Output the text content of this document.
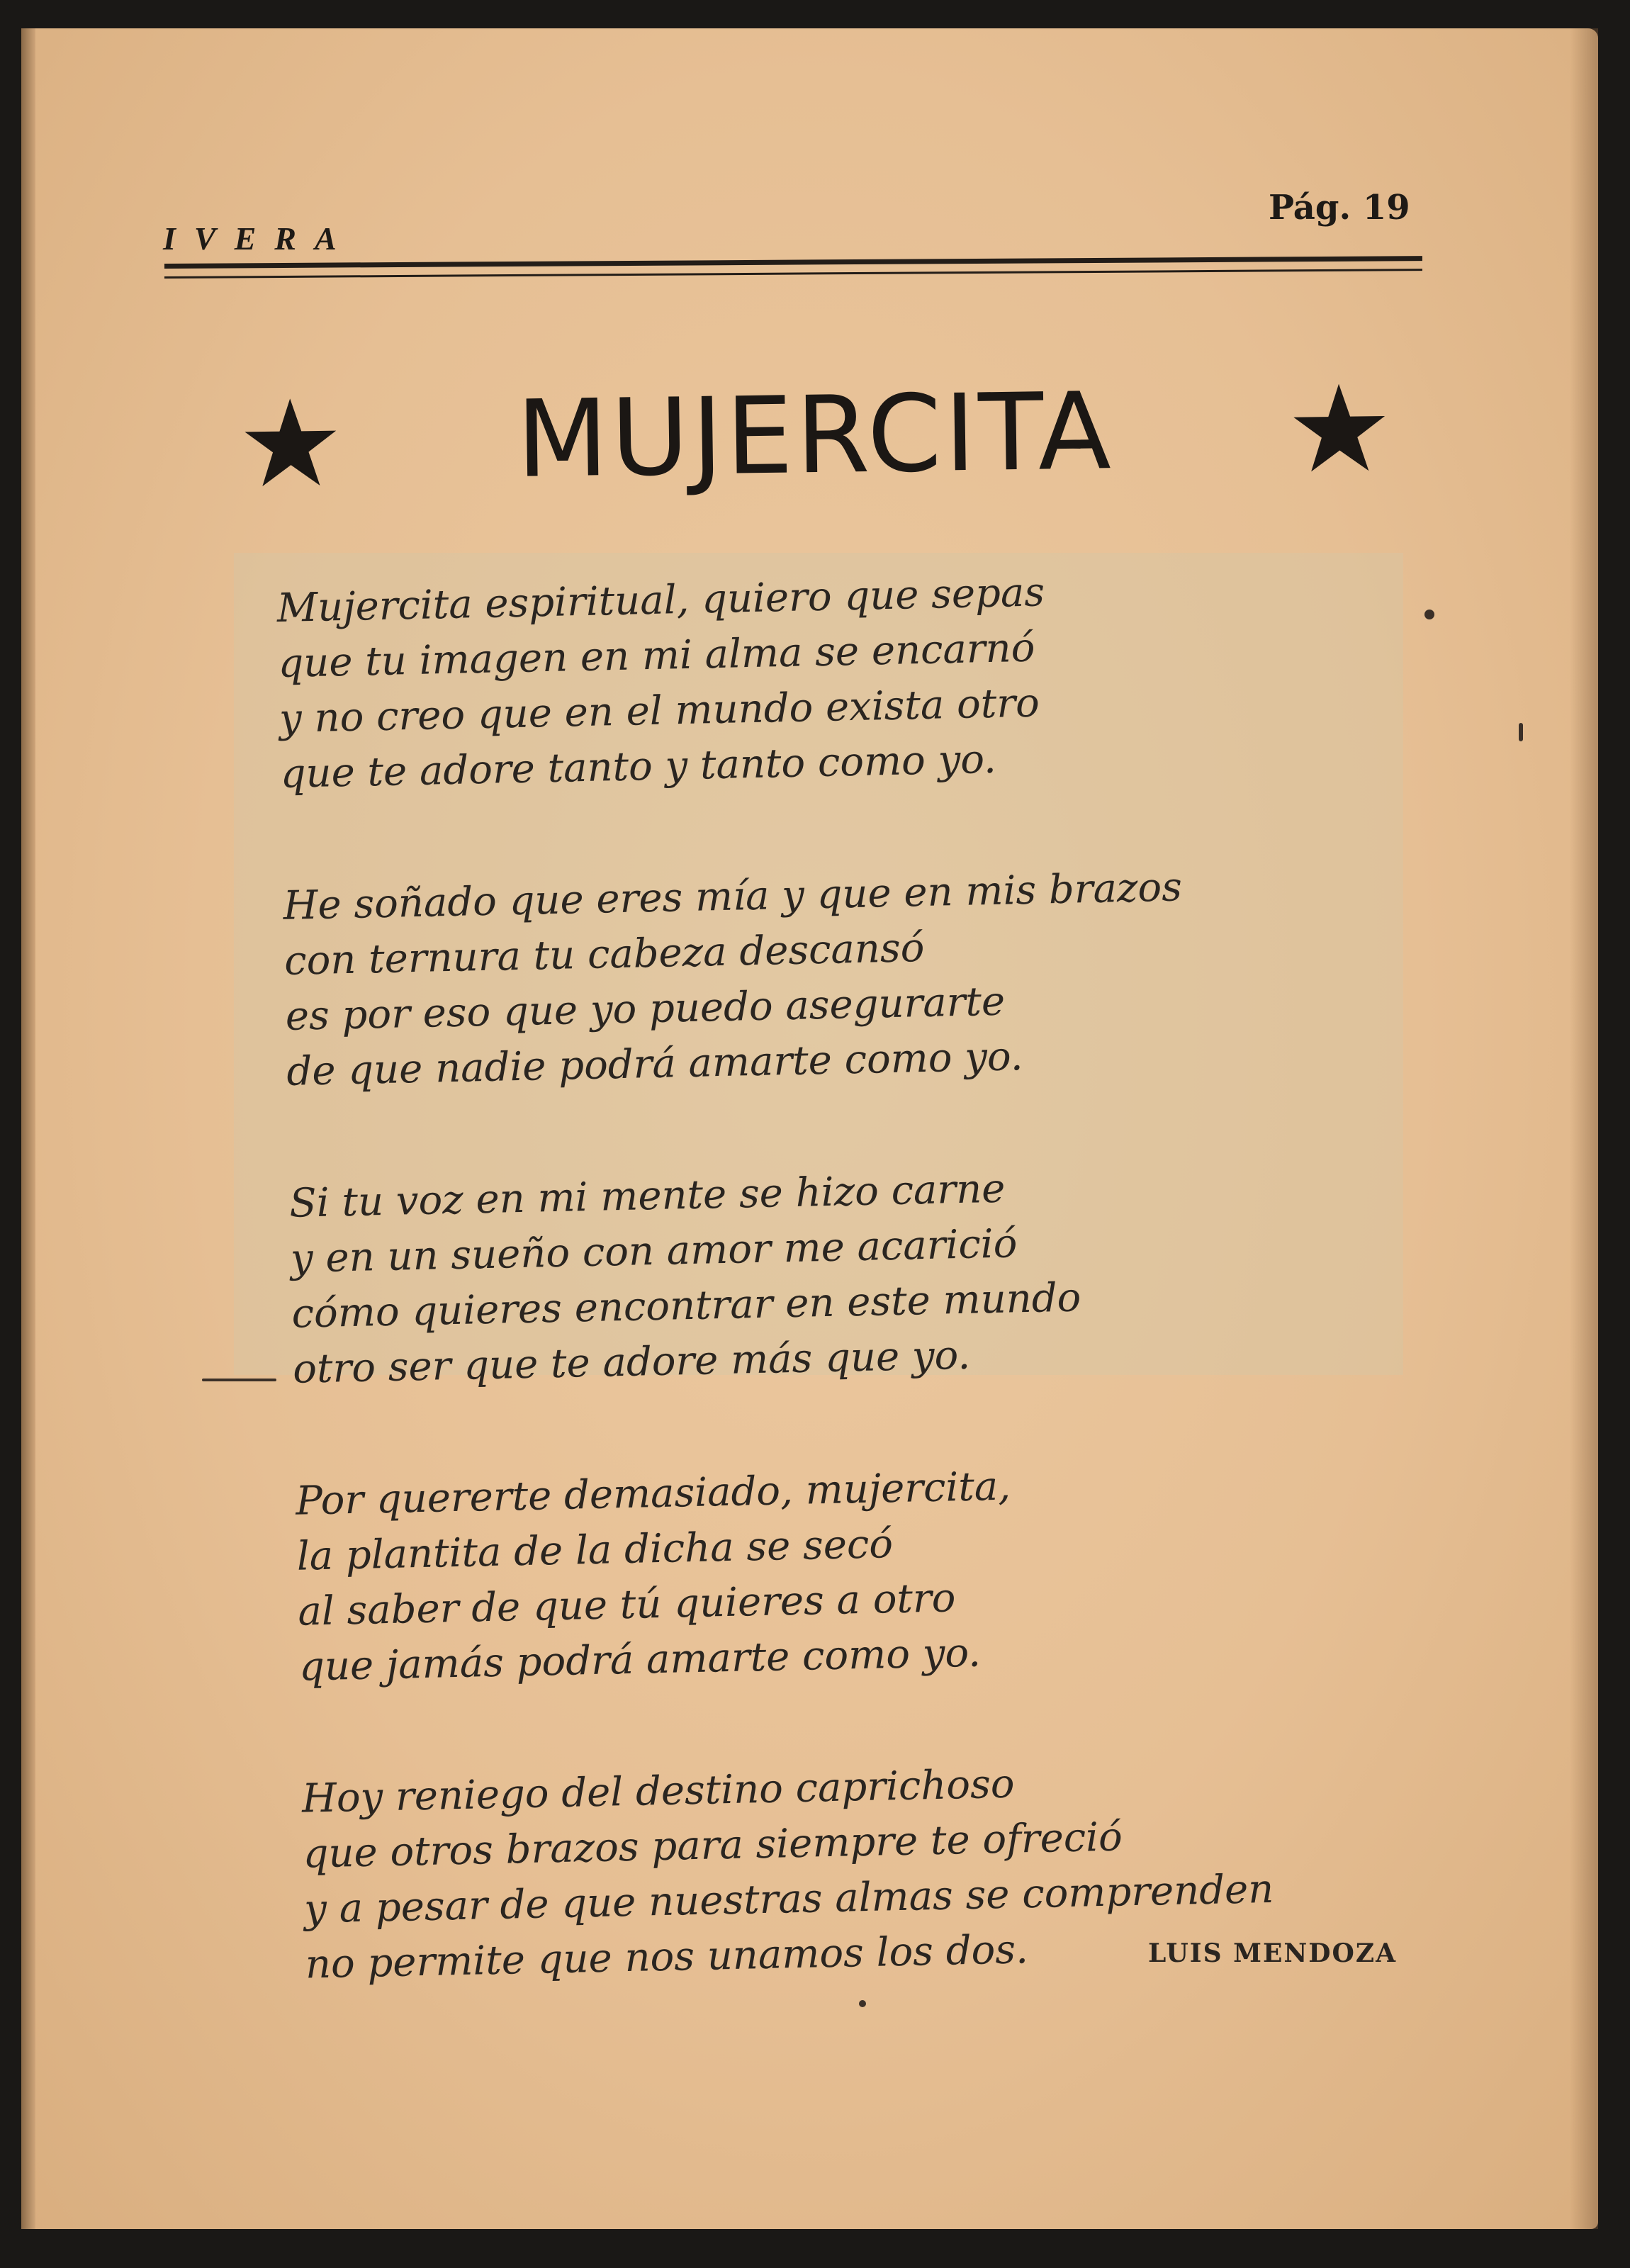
IVERA
Pág. 19
MUJERCITA
Mujercita espiritual, quiero que sepas
que tu imagen en mi alma se encarnó
y no creo que en el mundo exista otro
que te adore tanto y tanto como yo.
He soñado que eres mía y que en mis brazos
con ternura tu cabeza descansó
es por eso que yo puedo asegurarte
de que nadie podrá amarte como yo.
Si tu voz en mi mente se hizo carne
y en un sueño con amor me acarició
cómo quieres encontrar en este mundo
otro ser que te adore más que yo.
Por quererte demasiado, mujercita,
la plantita de la dicha se secó
al saber de que tú quieres a otro
que jamás podrá amarte como yo.
Hoy reniego del destino caprichoso
que otros brazos para siempre te ofreció
y a pesar de que nuestras almas se comprenden
no permite que nos unamos los dos.	LUIS MENDOZA
